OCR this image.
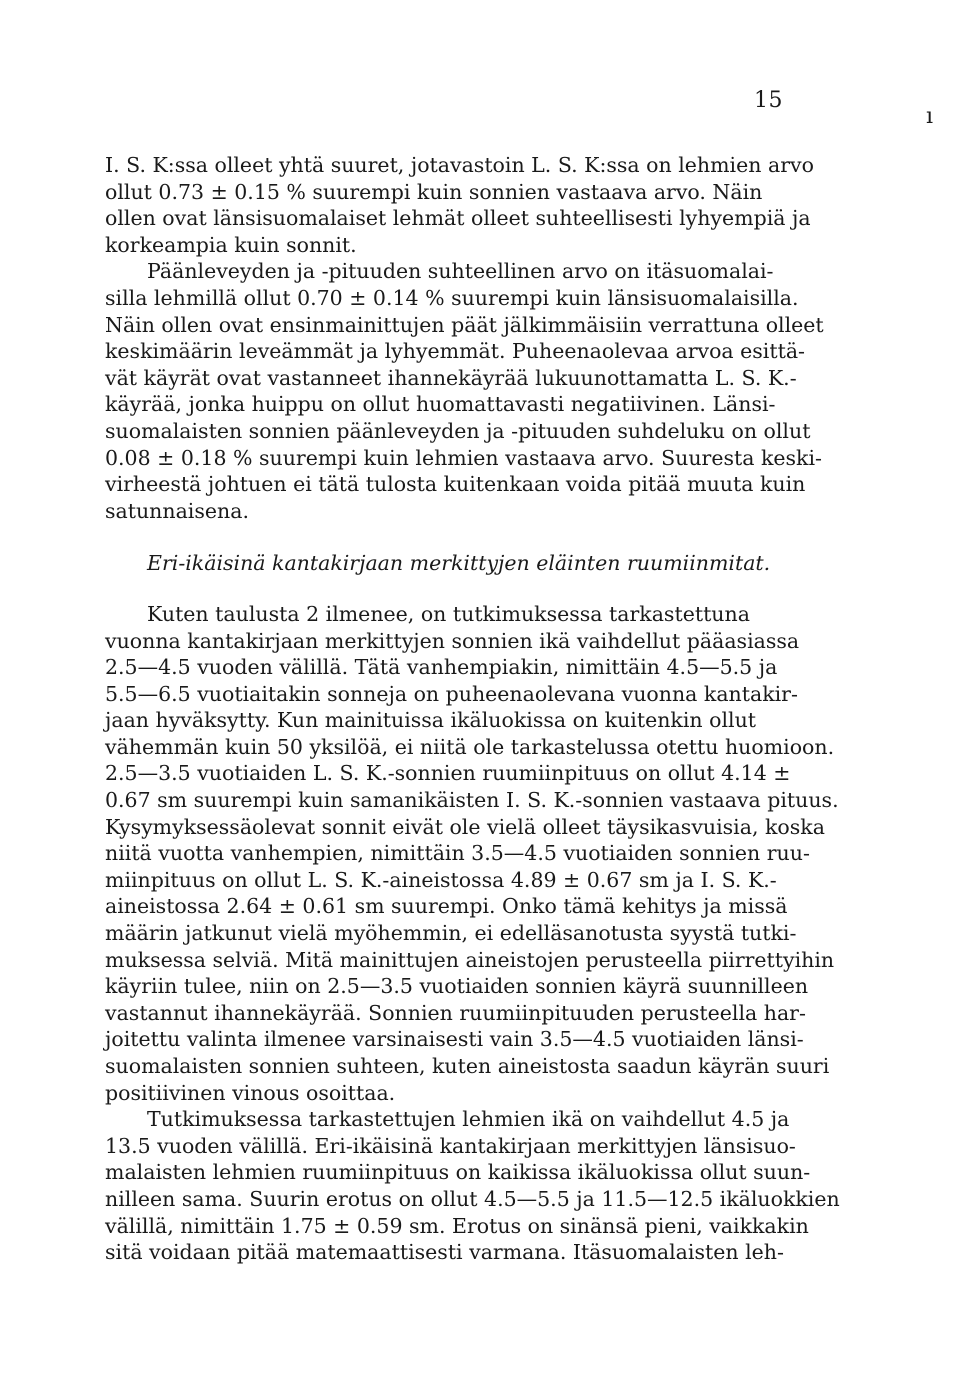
15
ı
I. S. K:ssa olleet yhtä suuret, jotavastoin L. S. K:ssa on lehmien arvo
ollut 0.73 ± 0.15 % suurempi kuin sonnien vastaava arvo. Näin
ollen ovat länsisuomalaiset lehmät olleet suhteellisesti lyhyempiä ja
korkeampia kuin sonnit.
Päänleveyden ja -pituuden suhteellinen arvo on itäsuomalai-
silla lehmillä ollut 0.70 ± 0.14 % suurempi kuin länsisuomalaisilla.
Näin ollen ovat ensinmainittujen päät jälkimmäisiin verrattuna olleet
keskimäärin leveämmät ja lyhyemmät. Puheenaolevaa arvoa esittä-
vät käyrät ovat vastanneet ihannekäyrää lukuunottamatta L. S. K.-
käyrää, jonka huippu on ollut huomattavasti negatiivinen. Länsi-
suomalaisten sonnien päänleveyden ja -pituuden suhdeluku on ollut
0.08 ± 0.18 % suurempi kuin lehmien vastaava arvo. Suuresta keski-
virheestä johtuen ei tätä tulosta kuitenkaan voida pitää muuta kuin
satunnaisena.
Eri-ikäisinä kantakirjaan merkittyjen eläinten ruumiinmitat.
Kuten taulusta 2 ilmenee, on tutkimuksessa tarkastettuna
vuonna kantakirjaan merkittyjen sonnien ikä vaihdellut pääasiassa
2.5—4.5 vuoden välillä. Tätä vanhempiakin, nimittäin 4.5—5.5 ja
5.5—6.5 vuotiaitakin sonneja on puheenaolevana vuonna kantakir-
jaan hyväksytty. Kun mainituissa ikäluokissa on kuitenkin ollut
vähemmän kuin 50 yksilöä, ei niitä ole tarkastelussa otettu huomioon.
2.5—3.5 vuotiaiden L. S. K.-sonnien ruumiinpituus on ollut 4.14 ±
0.67 sm suurempi kuin samanikäisten I. S. K.-sonnien vastaava pituus.
Kysymyksessäolevat sonnit eivät ole vielä olleet täysikasvuisia, koska
niitä vuotta vanhempien, nimittäin 3.5—4.5 vuotiaiden sonnien ruu-
miinpituus on ollut L. S. K.-aineistossa 4.89 ± 0.67 sm ja I. S. K.-
aineistossa 2.64 ± 0.61 sm suurempi. Onko tämä kehitys ja missä
määrin jatkunut vielä myöhemmin, ei edelläsanotusta syystä tutki-
muksessa selviä. Mitä mainittujen aineistojen perusteella piirrettyihin
käyriin tulee, niin on 2.5—3.5 vuotiaiden sonnien käyrä suunnilleen
vastannut ihannekäyrää. Sonnien ruumiinpituuden perusteella har-
joitettu valinta ilmenee varsinaisesti vain 3.5—4.5 vuotiaiden länsi-
suomalaisten sonnien suhteen, kuten aineistosta saadun käyrän suuri
positiivinen vinous osoittaa.
Tutkimuksessa tarkastettujen lehmien ikä on vaihdellut 4.5 ja
13.5 vuoden välillä. Eri-ikäisinä kantakirjaan merkittyjen länsisuo-
malaisten lehmien ruumiinpituus on kaikissa ikäluokissa ollut suun-
nilleen sama. Suurin erotus on ollut 4.5—5.5 ja 11.5—12.5 ikäluokkien
välillä, nimittäin 1.75 ± 0.59 sm. Erotus on sinänsä pieni, vaikkakin
sitä voidaan pitää matemaattisesti varmana. Itäsuomalaisten leh-
